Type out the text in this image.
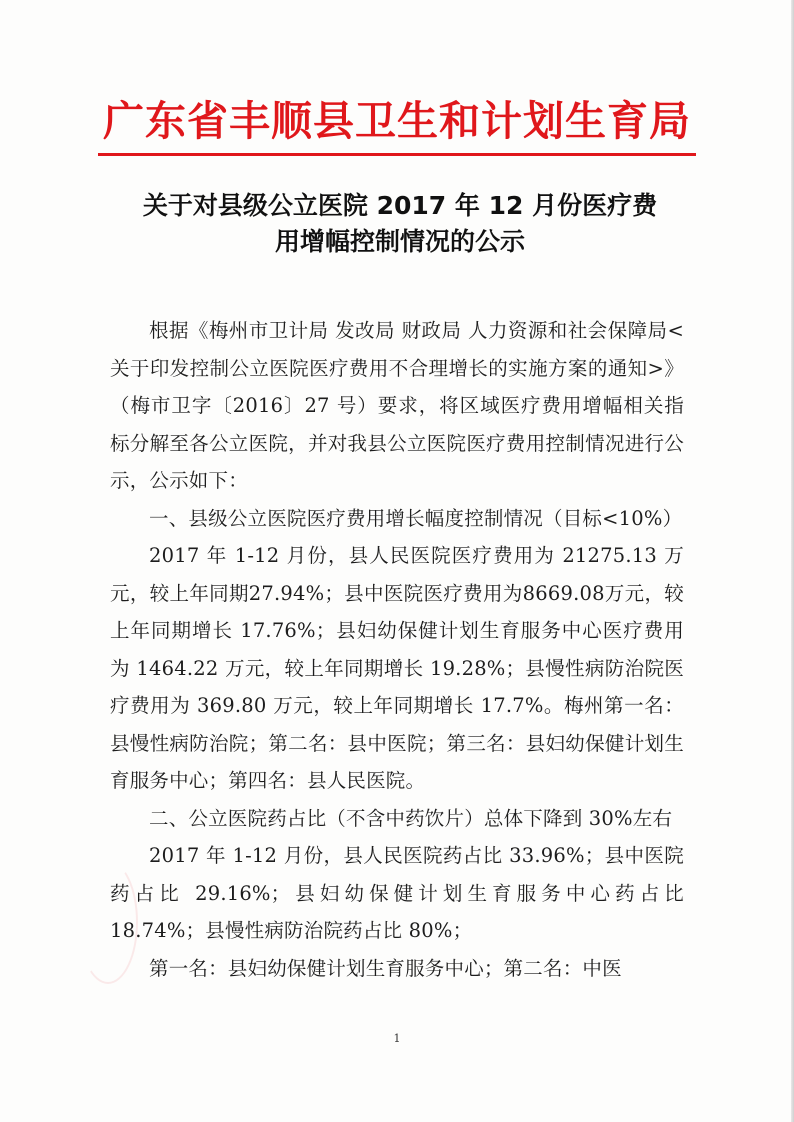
广东省丰顺县卫生和计划生育局
关于对县级公立医院 2017 年 12 月份医疗费
用增幅控制情况的公示

根据《梅州市卫计局 发改局 财政局 人力资源和社会保障局<关于印发控制公立医院医疗费用不合理增长的实施方案的通知>》（梅市卫字〔2016〕27 号）要求，将区域医疗费用增幅相关指标分解至各公立医院，并对我县公立医院医疗费用控制情况进行公示，公示如下：

一、县级公立医院医疗费用增长幅度控制情况（目标<10%）

2017 年 1-12 月份，县人民医院医疗费用为 21275.13 万元，较上年同期27.94%；县中医院医疗费用为8669.08万元，较上年同期增长 17.76%；县妇幼保健计划生育服务中心医疗费用为 1464.22 万元，较上年同期增长 19.28%；县慢性病防治院医疗费用为 369.80 万元，较上年同期增长 17.7%。梅州第一名：县慢性病防治院；第二名：县中医院；第三名：县妇幼保健计划生育服务中心；第四名：县人民医院。

二、公立医院药占比（不含中药饮片）总体下降到 30%左右

2017 年 1-12 月份，县人民医院药占比 33.96%；县中医院药占比 29.16%；县妇幼保健计划生育服务中心药占比 18.74%；县慢性病防治院药占比 80%；

第一名：县妇幼保健计划生育服务中心；第二名：中医

1
